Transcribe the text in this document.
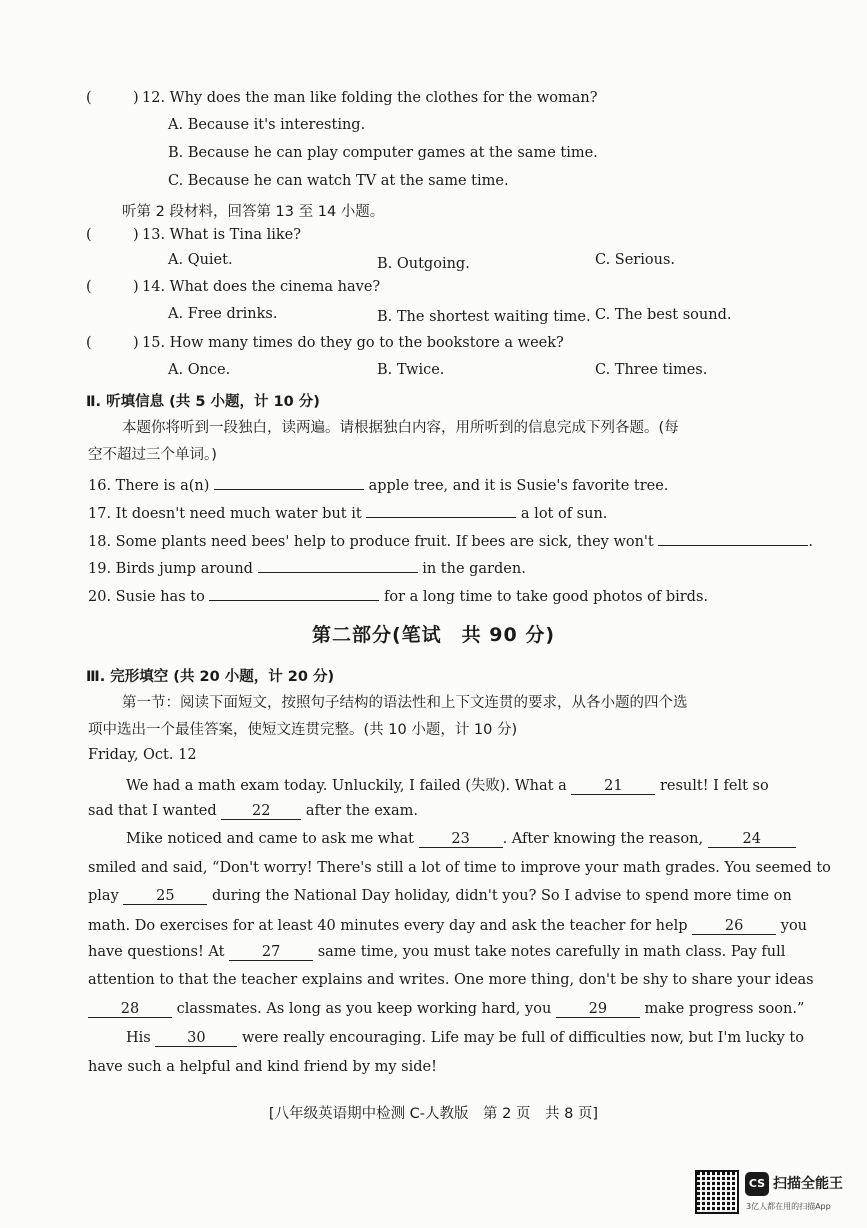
(	) 12. Why does the man like folding the clothes for the woman?
A. Because it's interesting.
B. Because he can play computer games at the same time.
C. Because he can watch TV at the same time.
听第 2 段材料，回答第 13 至 14 小题。
(	) 13. What is Tina like?
A. Quiet.	B. Outgoing.	C. Serious.
(	) 14. What does the cinema have?
A. Free drinks.	B. The shortest waiting time. C. The best sound.
(	) 15. How many times do they go to the bookstore a week?
A. Once.	B. Twice.	C. Three times.
Ⅱ. 听填信息 (共 5 小题，计 10 分)
本题你将听到一段独白，读两遍。请根据独白内容，用所听到的信息完成下列各题。(每
空不超过三个单词。)
16. There is a(n)	apple tree, and it is Susie's favorite tree.
17. It doesn't need much water but it	a lot of sun.
18. Some plants need bees' help to produce fruit. If bees are sick, they won't	.
19. Birds jump around	in the garden.
20. Susie has to	for a long time to take good photos of birds.
第二部分(笔试　共 90 分)
Ⅲ. 完形填空 (共 20 小题，计 20 分)
第一节：阅读下面短文，按照句子结构的语法性和上下文连贯的要求，从各小题的四个选
项中选出一个最佳答案，使短文连贯完整。(共 10 小题，计 10 分)
Friday, Oct. 12
We had a math exam today. Unluckily, I failed (失败). What a	21	result! I felt so
sad that I wanted 22 after the exam.
Mike noticed and came to ask me what	23 . After knowing the reason,	24
smiled and said, “Don't worry! There's still a lot of time to improve your math grades. You seemed to
play	25	during the National Day holiday, didn't you? So I advise to spend more time on
math. Do exercises for at least 40 minutes every day and ask the teacher for help	26	you
have questions! At	27	same time, you must take notes carefully in math class. Pay full
attention to that the teacher explains and writes. One more thing, don't be shy to share your ideas
28	classmates. As long as you keep working hard, you	29	make progress soon.”
His	30	were really encouraging. Life may be full of difficulties now, but I'm lucky to
have such a helpful and kind friend by my side!
[八年级英语期中检测 C-人教版　第 2 页　共 8 页]
CS 扫描全能王
3亿人都在用的扫描App
